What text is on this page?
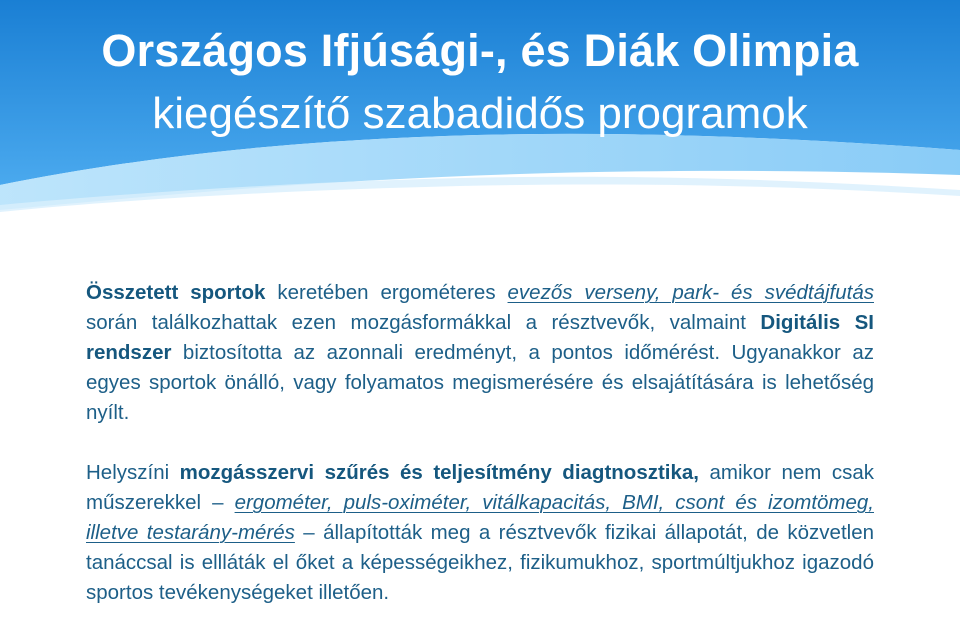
Országos Ifjúsági-, és Diák Olimpia
kiegészítő szabadidős programok

Összetett sportok keretében ergométeres evezős verseny, park- és svédtájfutás során találkozhattak ezen mozgásformákkal a résztvevők, valmaint Digitális SI rendszer biztosította az azonnali eredményt, a pontos időmérést. Ugyanakkor az egyes sportok önálló, vagy folyamatos megismerésére és elsajátítására is lehetőség nyílt.

Helyszíni mozgásszervi szűrés és teljesítmény diagtnosztika, amikor nem csak műszerekkel – ergométer, puls-oximéter, vitálkapacitás, BMI, csont és izomtömeg, illetve testarány-mérés – állapították meg a résztvevők fizikai állapotát, de közvetlen tanáccsal is ellláták el őket a képességeikhez, fizikumukhoz, sportmúltjukhoz igazodó sportos tevékenységeket illetően.
